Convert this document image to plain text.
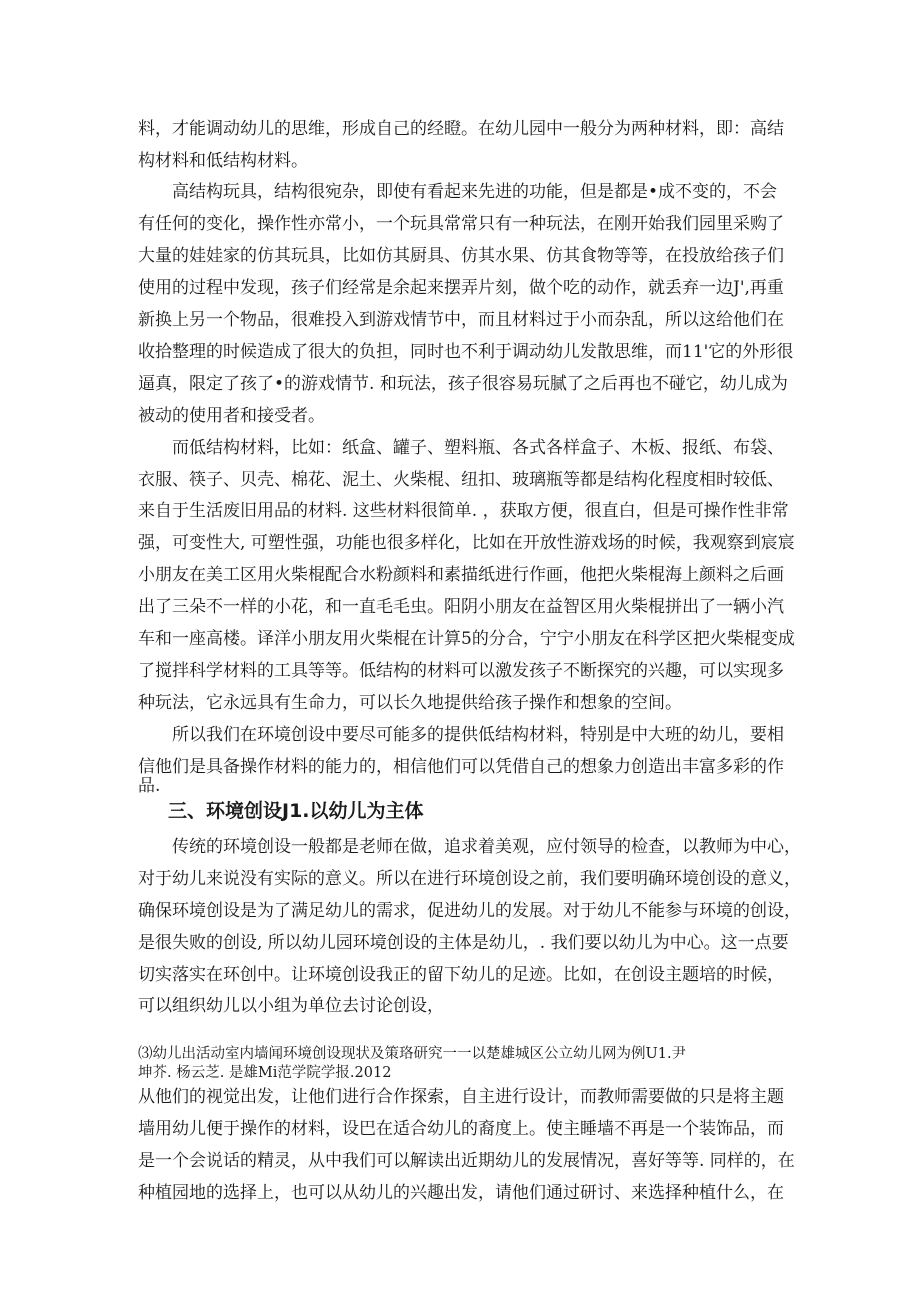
料，才能调动幼儿的思维，形成自己的经瞪。在幼儿园中一般分为两种材料，即：高结
构材料和低结构材料。
高结构玩具，结构很宛杂，即使有看起来先进的功能，但是都是•成不变的，不会
有任何的变化，操作性亦常小，一个玩具常常只有一种玩法，在刚开始我们园里采购了
大量的娃娃家的仿其玩具，比如仿其厨具、仿其水果、仿其食物等等，在投放给孩子们
使用的过程中发现，孩子们经常是余起来摆弄片刻，做个吃的动作，就丢弃一边J',再重
新换上另一个物品，很难投入到游戏情节中，而且材料过于小而杂乱，所以这给他们在
收拾整理的时候造成了很大的负担，同时也不利于调动幼儿发散思维，而11'它的外形很
逼真，限定了孩了•的游戏情节. 和玩法，孩子很容易玩腻了之后再也不碰它，幼儿成为
被动的使用者和接受者。
而低结构材料，比如：纸盒、罐子、塑料瓶、各式各样盒子、木板、报纸、布袋、
衣服、筷子、贝壳、棉花、泥土、火柴棍、纽扣、玻璃瓶等都是结构化程度相时较低、
来自于生活废旧用品的材料. 这些材料很简单. ，获取方便，很直白，但是可操作性非常
强，可变性大, 可塑性强，功能也很多样化，比如在开放性游戏场的时候，我观察到宸宸
小朋友在美工区用火柴棍配合水粉颜料和素描纸进行作画，他把火柴棍海上颜料之后画
出了三朵不一样的小花，和一直毛毛虫。阳阴小朋友在益智区用火柴棍拼出了一辆小汽
车和一座高楼。译洋小朋友用火柴棍在计算5的分合，宁宁小朋友在科学区把火柴棍变成
了搅拌科学材料的工具等等。低结构的材料可以激发孩子不断探究的兴趣，可以实现多
种玩法，它永远具有生命力，可以长久地提供给孩子操作和想象的空间。
所以我们在环境创设中要尽可能多的提供低结构材料，特别是中大班的幼儿，要相
信他们是具备操作材料的能力的，相信他们可以凭借自己的想象力创造出丰富多彩的作
品.
三、环境创设J1.以幼儿为主体
传统的环境创设一般都是老师在做，追求着美观，应付领导的检查，以教师为中心，
对于幼儿来说没有实际的意义。所以在进行环境创设之前，我们要明确环境创设的意义，
确保环境创设是为了满足幼儿的需求，促进幼儿的发展。对于幼儿不能参与环境的创设，
是很失败的创设, 所以幼儿园环境创设的主体是幼儿，. 我们要以幼儿为中心。这一点要
切实落实在环创中。让环境创设我正的留下幼儿的足迹。比如，在创设主题培的时候，
可以组织幼儿以小组为单位去讨论创设，
⑶幼儿出活动室内墙闻环境创设现状及策珞研究一一以楚雄城区公立幼儿网为例U1.尹
坤芥. 杨云芝. 是雄Mi范学院学报.2012
从他们的视觉出发，让他们进行合作探索，自主进行设计，而教师需要做的只是将主题
墙用幼儿便于操作的材料，设巴在适合幼儿的裔度上。使主睡墙不再是一个装饰品，而
是一个会说话的精灵，从中我们可以解读出近期幼儿的发展情况，喜好等等. 同样的，在
种植园地的选择上，也可以从幼儿的兴趣出发，请他们通过研讨、来选择种植什么，在
